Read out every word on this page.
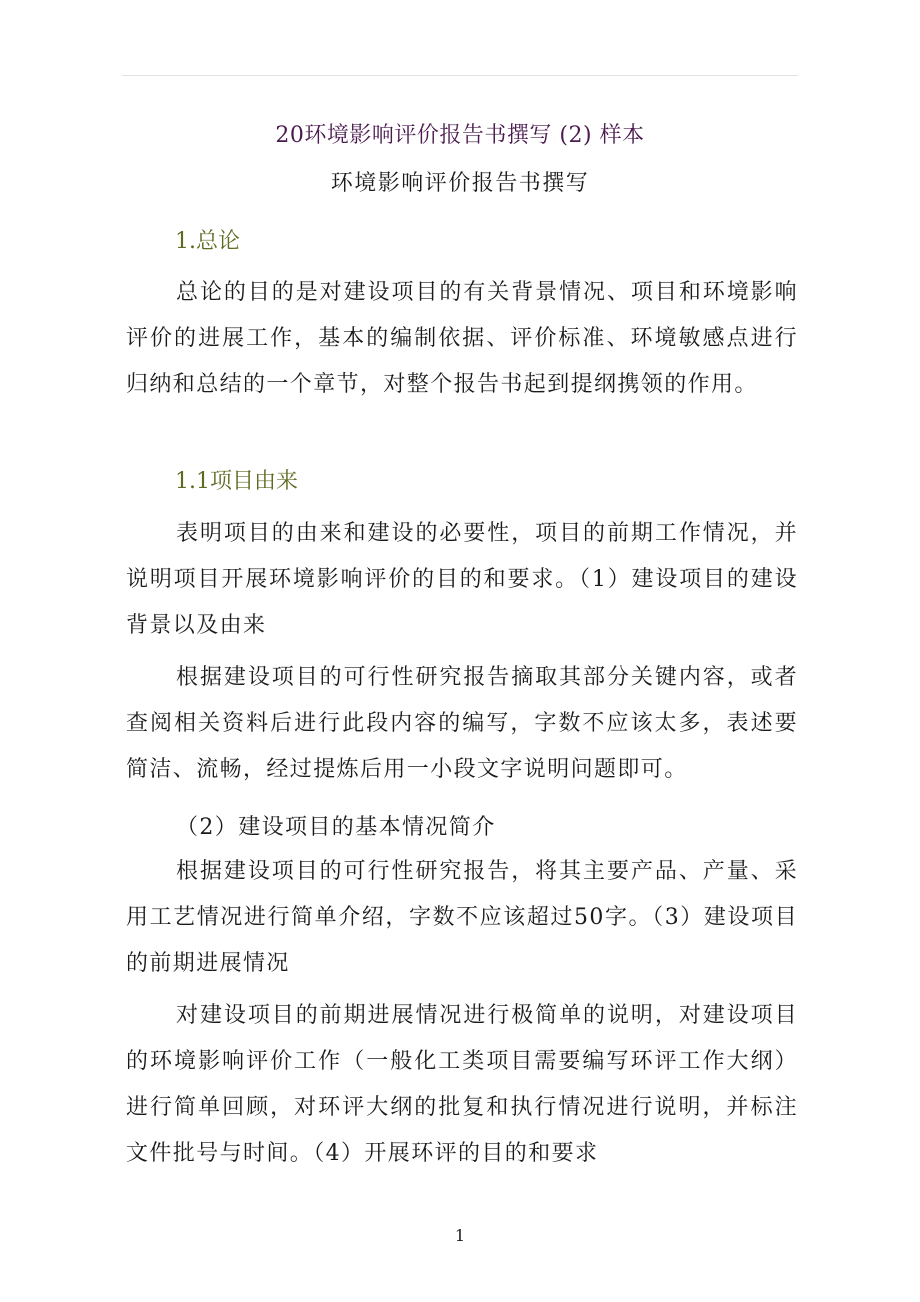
20环境影响评价报告书撰写 (2) 样本
环境影响评价报告书撰写
1.总论

总论的目的是对建设项目的有关背景情况、项目和环境影响评价的进展工作，基本的编制依据、评价标准、环境敏感点进行归纳和总结的一个章节，对整个报告书起到提纲携领的作用。

1.1项目由来

表明项目的由来和建设的必要性，项目的前期工作情况，并说明项目开展环境影响评价的目的和要求。（1）建设项目的建设背景以及由来

根据建设项目的可行性研究报告摘取其部分关键内容，或者查阅相关资料后进行此段内容的编写，字数不应该太多，表述要简洁、流畅，经过提炼后用一小段文字说明问题即可。

（2）建设项目的基本情况简介

根据建设项目的可行性研究报告，将其主要产品、产量、采用工艺情况进行简单介绍，字数不应该超过50字。（3）建设项目的前期进展情况

对建设项目的前期进展情况进行极简单的说明，对建设项目的环境影响评价工作（一般化工类项目需要编写环评工作大纲）进行简单回顾，对环评大纲的批复和执行情况进行说明，并标注文件批号与时间。（4）开展环评的目的和要求

1
